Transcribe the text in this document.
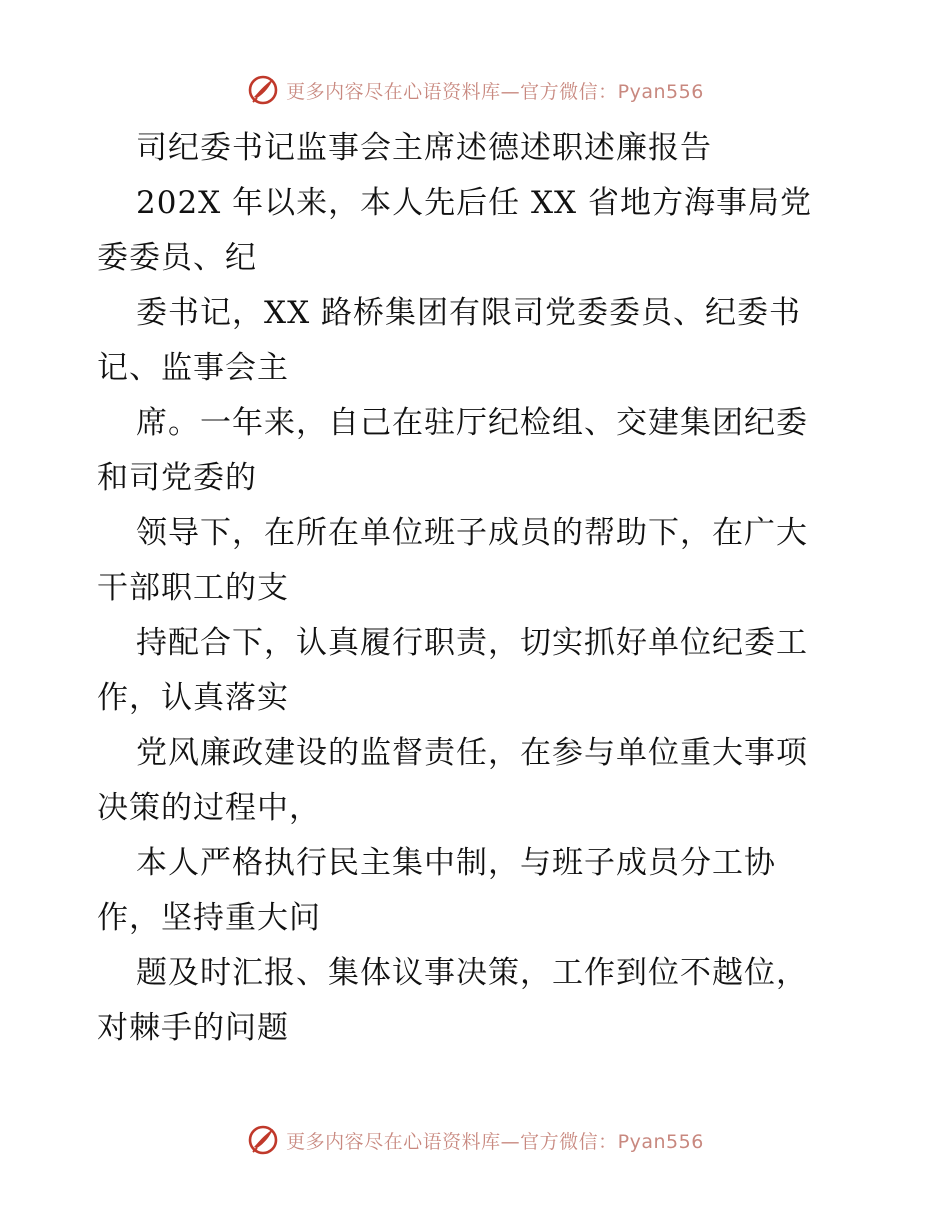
更多内容尽在心语资料库—官方微信：Pyan556
司纪委书记监事会主席述德述职述廉报告
202X 年以来，本人先后任 XX 省地方海事局党
委委员、纪
委书记，XX 路桥集团有限司党委委员、纪委书
记、监事会主
席。一年来，自己在驻厅纪检组、交建集团纪委
和司党委的
领导下，在所在单位班子成员的帮助下，在广大
干部职工的支
持配合下，认真履行职责，切实抓好单位纪委工
作，认真落实
党风廉政建设的监督责任，在参与单位重大事项
决策的过程中，
本人严格执行民主集中制，与班子成员分工协
作，坚持重大问
题及时汇报、集体议事决策，工作到位不越位，
对棘手的问题
更多内容尽在心语资料库—官方微信：Pyan556
